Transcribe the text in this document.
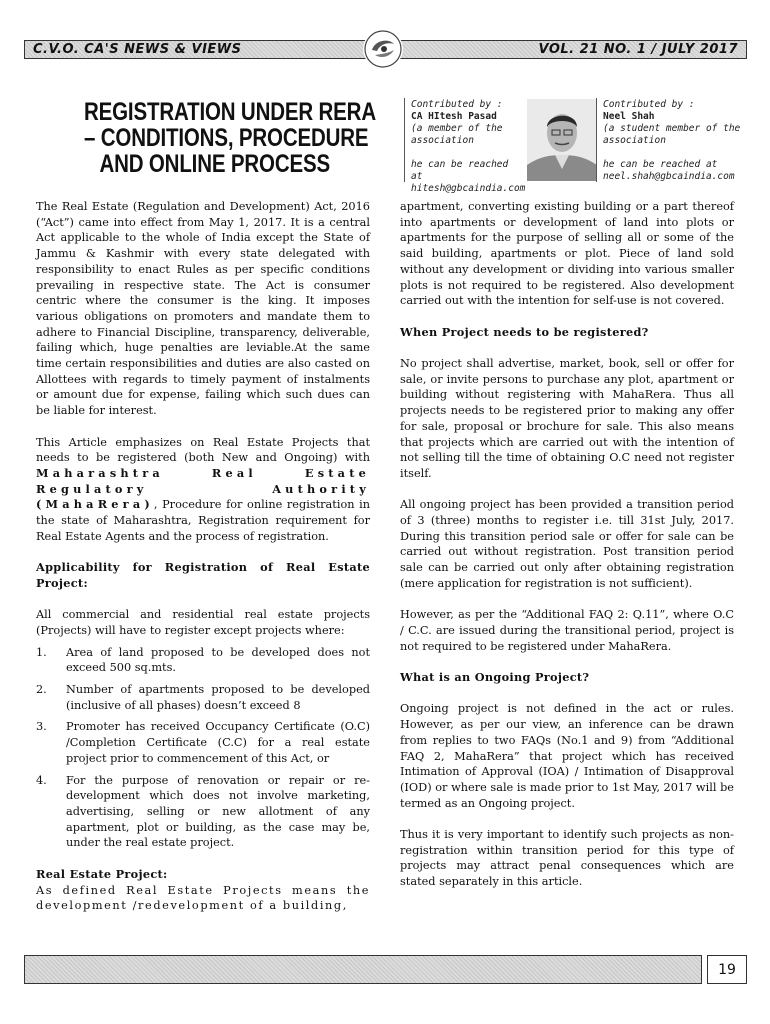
C.V.O. CA'S NEWS & VIEWS	VOL. 21 NO. 1 / JULY 2017
REGISTRATION UNDER RERA
– CONDITIONS, PROCEDURE
AND ONLINE PROCESS
Contributed by :
CA HItesh Pasad
(a member of the association
he can be reached at
hitesh@gbcaindia.com
Contributed by :
Neel Shah
(a student member of the association
he can be reached at
neel.shah@gbcaindia.com

The Real Estate (Regulation and Development) Act, 2016 (“Act”) came into effect from May 1, 2017. It is a central Act applicable to the whole of India except the State of Jammu & Kashmir with every state delegated with responsibility to enact Rules as per specific conditions prevailing in respective state. The Act is consumer centric where the consumer is the king. It imposes various obligations on promoters and mandate them to adhere to Financial Discipline, transparency, deliverable, failing which, huge penalties are leviable.At the same time certain responsibilities and duties are also casted on Allottees with regards to timely payment of instalments or amount due for expense, failing which such dues can be liable for interest.

This Article emphasizes on Real Estate Projects that needs to be registered (both New and Ongoing) with Maharashtra Real Estate Regulatory Authority (MahaRera), Procedure for online registration in the state of Maharashtra, Registration requirement for Real Estate Agents and the process of registration.

Applicability for Registration of Real Estate Project:

All commercial and residential real estate projects (Projects) will have to register except projects where:

1. Area of land proposed to be developed does not exceed 500 sq.mts.
2. Number of apartments proposed to be developed (inclusive of all phases) doesn’t exceed 8
3. Promoter has received Occupancy Certificate (O.C) /Completion Certificate (C.C) for a real estate project prior to commencement of this Act, or
4. For the purpose of renovation or repair or re-development which does not involve marketing, advertising, selling or new allotment of any apartment, plot or building, as the case may be, under the real estate project.
Real Estate Project:

As defined Real Estate Projects means the development /redevelopment of a building,

apartment, converting existing building or a part thereof into apartments or development of land into plots or apartments for the purpose of selling all or some of the said building, apartments or plot. Piece of land sold without any development or dividing into various smaller plots is not required to be registered. Also development carried out with the intention for self-use is not covered.

When Project needs to be registered?

No project shall advertise, market, book, sell or offer for sale, or invite persons to purchase any plot, apartment or building without registering with MahaRera. Thus all projects needs to be registered prior to making any offer for sale, proposal or brochure for sale. This also means that projects which are carried out with the intention of not selling till the time of obtaining O.C need not register itself.

All ongoing project has been provided a transition period of 3 (three) months to register i.e. till 31st July, 2017. During this transition period sale or offer for sale can be carried out without registration. Post transition period sale can be carried out only after obtaining registration (mere application for registration is not sufficient).

However, as per the “Additional FAQ 2: Q.11”, where O.C / C.C. are issued during the transitional period, project is not required to be registered under MahaRera.

What is an Ongoing Project?

Ongoing project is not defined in the act or rules. However, as per our view, an inference can be drawn from replies to two FAQs (No.1 and 9) from “Additional FAQ 2, MahaRera” that project which has received Intimation of Approval (IOA) / Intimation of Disapproval (IOD) or where sale is made prior to 1st May, 2017 will be termed as an Ongoing project.

Thus it is very important to identify such projects as non-registration within transition period for this type of projects may attract penal consequences which are stated separately in this article.

19
